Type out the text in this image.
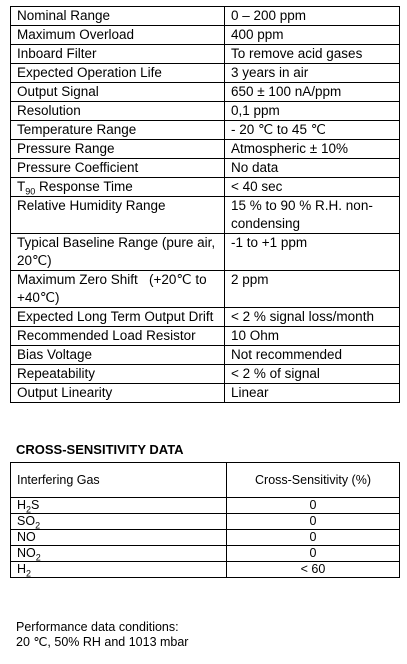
Nominal Range	0 – 200 ppm
Maximum Overload	400 ppm
Inboard Filter	To remove acid gases
Expected Operation Life	3 years in air
Output Signal	650 ± 100 nA/ppm
Resolution	0,1 ppm
Temperature Range	- 20 ℃ to 45 ℃
Pressure Range	Atmospheric ± 10%
Pressure Coefficient	No data
$T_{90}$ Response Time	< 40 sec
Relative Humidity Range	15 % to 90 % R.H. non-condensing
Typical Baseline Range (pure air, 20℃)	-1 to +1 ppm
Maximum Zero Shift   (+20℃ to +40℃)	2 ppm
Expected Long Term Output Drift	< 2 % signal loss/month
Recommended Load Resistor	10 Ohm
Bias Voltage	Not recommended
Repeatability	< 2 % of signal
Output Linearity	Linear
CROSS-SENSITIVITY DATA
Interfering Gas	Cross-Sensitivity (%)
$H_2S$	0
$SO_2$	0
NO	0
$NO_2$	0
$H_2$	< 60

Performance data conditions:
20 ℃, 50% RH and 1013 mbar
